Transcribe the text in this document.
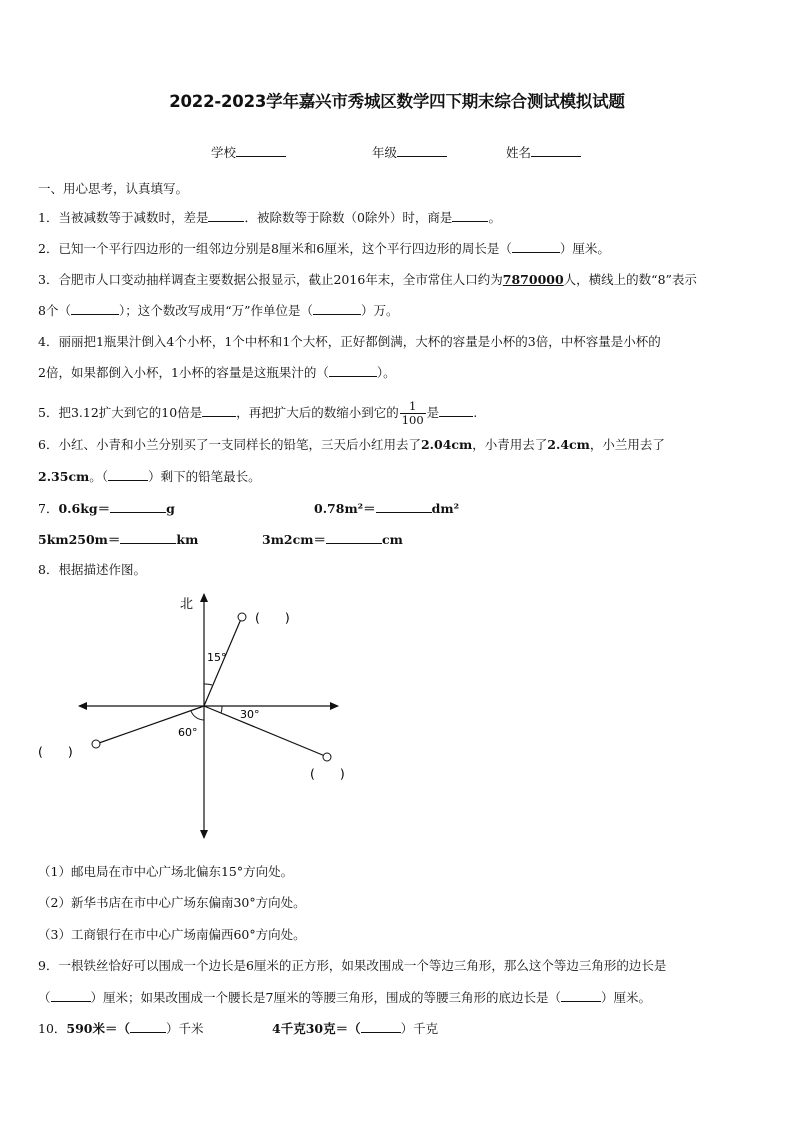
2022-2023学年嘉兴市秀城区数学四下期末综合测试模拟试题
学校	年级	姓名
一、用心思考，认真填写。
1．当被减数等于减数时，差是	．被除数等于除数（0除外）时，商是	。
2．已知一个平行四边形的一组邻边分别是8厘米和6厘米，这个平行四边形的周长是（	）厘米。
3．合肥市人口变动抽样调查主要数据公报显示，截止2016年末，全市常住人口约为7870000人，横线上的数“8”表示
8个（	）；这个数改写成用“万”作单位是（	）万。
4．丽丽把1瓶果汁倒入4个小杯，1个中杯和1个大杯，正好都倒满，大杯的容量是小杯的3倍，中杯容量是小杯的
2倍，如果都倒入小杯，1小杯的容量是这瓶果汁的（	）。
5．把3.12扩大到它的10倍是	，再把扩大后的数缩小到它的 $\frac{1}{100}$ 是	.
6．小红、小青和小兰分别买了一支同样长的铅笔，三天后小红用去了2.04cm，小青用去了2.4cm，小兰用去了
2.35cm。（	）剩下的铅笔最长。
7．0.6kg＝	g	0.78m²＝	dm²
5km250m＝	km	3m2cm＝	cm
8．根据描述作图。
北
15°
30°
60°
(　　)
(　　)
(　　)
（1）邮电局在市中心广场北偏东15°方向处。
（2）新华书店在市中心广场东偏南30°方向处。
（3）工商银行在市中心广场南偏西60°方向处。
9．一根铁丝恰好可以围成一个边长是6厘米的正方形，如果改围成一个等边三角形，那么这个等边三角形的边长是
（	）厘米；如果改围成一个腰长是7厘米的等腰三角形，围成的等腰三角形的底边长是（	）厘米。
10．590米＝（	）千米	4千克30克＝（	）千克
